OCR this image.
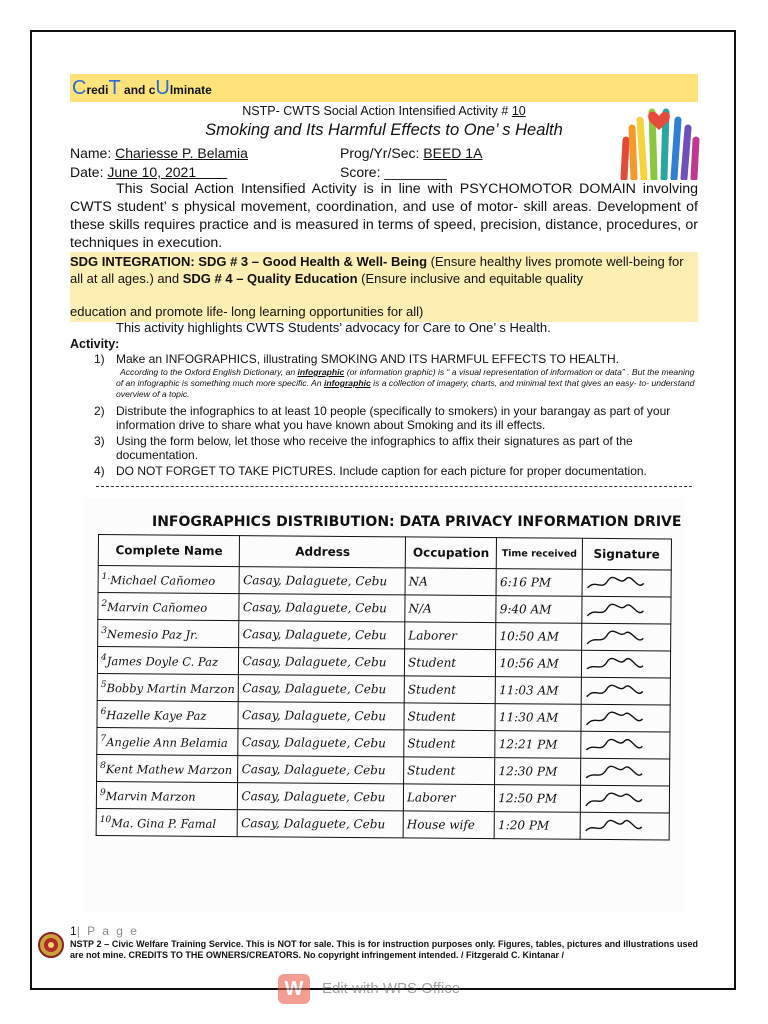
CrediT and cUlminate
NSTP- CWTS Social Action Intensified Activity # 10
Smoking and Its Harmful Effects to One’ s Health
Name: Chariesse P. Belamia	Prog/Yr/Sec: BEED 1A
Date: June 10, 2021	Score: ________
This Social Action Intensified Activity is in line with PSYCHOMOTOR DOMAIN involving CWTS student’ s physical movement, coordination, and use of motor- skill areas. Development of these skills requires practice and is measured in terms of speed, precision, distance, procedures, or techniques in execution.
SDG INTEGRATION: SDG # 3 – Good Health & Well- Being (Ensure healthy lives promote well-being for all at all ages.) and SDG # 4 – Quality Education (Ensure inclusive and equitable quality
education and promote life- long learning opportunities for all)
This activity highlights CWTS Students’ advocacy for Care to One’ s Health.
Activity:
1) Make an INFOGRAPHICS, illustrating SMOKING AND ITS HARMFUL EFFECTS TO HEALTH.
According to the Oxford English Dictionary, an infographic (or information graphic) is “ a visual representation of information or data” . But the meaning of an infographic is something much more specific. An infographic is a collection of imagery, charts, and minimal text that gives an easy- to- understand overview of a topic.
2) Distribute the infographics to at least 10 people (specifically to smokers) in your barangay as part of your information drive to share what you have known about Smoking and its ill effects.
3) Using the form below, let those who receive the infographics to affix their signatures as part of the documentation.
4) DO NOT FORGET TO TAKE PICTURES. Include caption for each picture for proper documentation.
INFOGRAPHICS DISTRIBUTION: DATA PRIVACY INFORMATION DRIVE
Complete Name	Address	Occupation	Time received	Signature
$^{1.}$Michael Cañomeo	Casay, Dalaguete, Cebu	NA	6:16 PM	

$^2$Marvin Cañomeo	Casay, Dalaguete, Cebu	N/A	9:40 AM	

$^3$Nemesio Paz Jr.	Casay, Dalaguete, Cebu	Laborer	10:50 AM	

$^4$James Doyle C. Paz	Casay, Dalaguete, Cebu	Student	10:56 AM	

$^5$Bobby Martin Marzon	Casay, Dalaguete, Cebu	Student	11:03 AM	

$^6$Hazelle Kaye Paz	Casay, Dalaguete, Cebu	Student	11:30 AM	

$^7$Angelie Ann Belamia	Casay, Dalaguete, Cebu	Student	12:21 PM	

$^8$Kent Mathew Marzon	Casay, Dalaguete, Cebu	Student	12:30 PM	

$^9$Marvin Marzon	Casay, Dalaguete, Cebu	Laborer	12:50 PM	

$^{10}$Ma. Gina P. Famal	Casay, Dalaguete, Cebu	House wife	1:20 PM	
1| P a g e
NSTP 2 – Civic Welfare Training Service. This is NOT for sale. This is for instruction purposes only. Figures, tables, pictures and illustrations used are not mine. CREDITS TO THE OWNERS/CREATORS. No copyright infringement intended. / Fitzgerald C. Kintanar /
W	Edit with WPS Office
